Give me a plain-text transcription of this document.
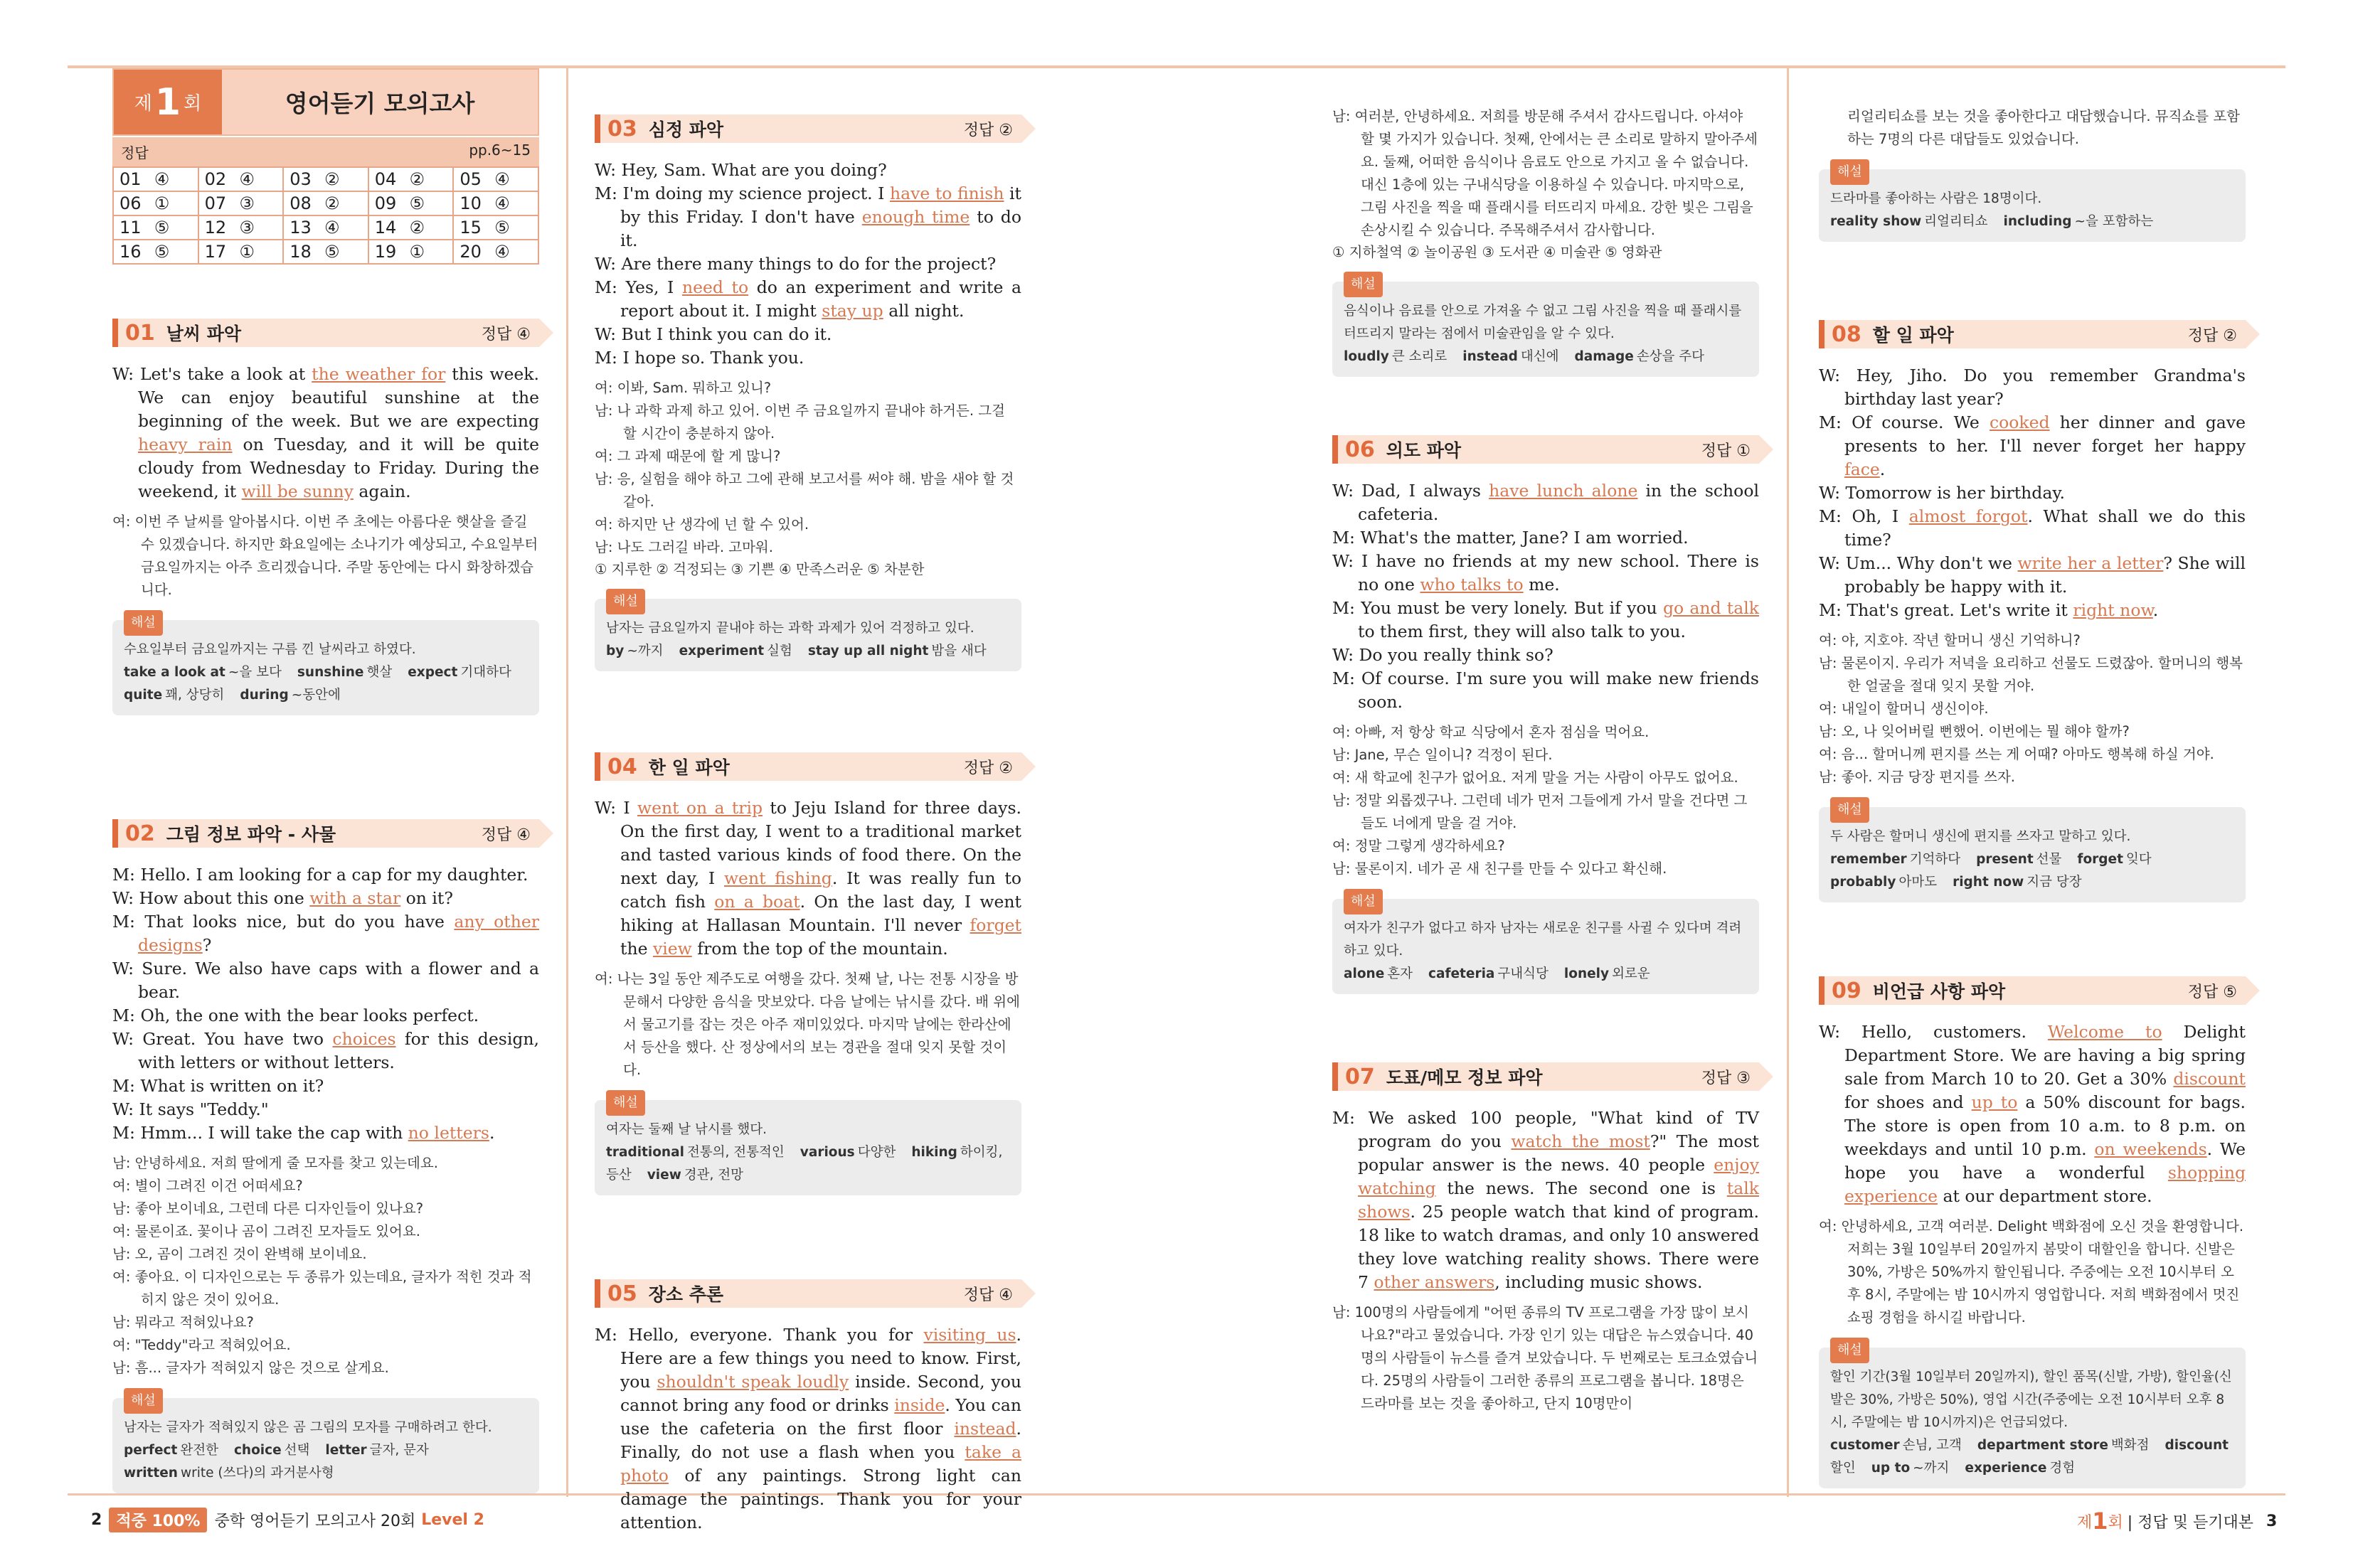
제 1 회	영어듣기 모의고사
정답	pp.6~15
01 ④	02 ④	03 ②	04 ②	05 ④
06 ①	07 ③	08 ②	09 ⑤	10 ④
11 ⑤	12 ③	13 ④	14 ②	15 ⑤
16 ⑤	17 ①	18 ⑤	19 ①	20 ④
01 날씨 파악	정답 ④

W: Let's take a look at the weather for this week. We can enjoy beautiful sunshine at the beginning of the week. But we are expecting heavy rain on Tuesday, and it will be quite cloudy from Wednesday to Friday. During the weekend, it will be sunny again.

여: 이번 주 날씨를 알아봅시다. 이번 주 초에는 아름다운 햇살을 즐길 수 있겠습니다. 하지만 화요일에는 소나기가 예상되고, 수요일부터 금요일까지는 아주 흐리겠습니다. 주말 동안에는 다시 화창하겠습니다.

해설
수요일부터 금요일까지는 구름 낀 날씨라고 하였다.
take a look at ~을 보다 sunshine 햇살 expect 기대하다quite 꽤, 상당히 during ~동안에
02 그림 정보 파악 - 사물	정답 ④

M: Hello. I am looking for a cap for my daughter.

W: How about this one with a star on it?

M: That looks nice, but do you have any other designs?

W: Sure. We also have caps with a flower and a bear.

M: Oh, the one with the bear looks perfect.

W: Great. You have two choices for this design, with letters or without letters.

M: What is written on it?

W: It says "Teddy."

M: Hmm... I will take the cap with no letters.

남: 안녕하세요. 저희 딸에게 줄 모자를 찾고 있는데요.

여: 별이 그려진 이건 어떠세요?

남: 좋아 보이네요, 그런데 다른 디자인들이 있나요?

여: 물론이죠. 꽃이나 곰이 그려진 모자들도 있어요.

남: 오, 곰이 그려진 것이 완벽해 보이네요.

여: 좋아요. 이 디자인으로는 두 종류가 있는데요, 글자가 적힌 것과 적히지 않은 것이 있어요.

남: 뭐라고 적혀있나요?

여: "Teddy"라고 적혀있어요.

남: 흠... 글자가 적혀있지 않은 것으로 살게요.

해설
남자는 글자가 적혀있지 않은 곰 그림의 모자를 구매하려고 한다.
perfect 완전한 choice 선택 letter 글자, 문자written write (쓰다)의 과거분사형
03 심정 파악	정답 ②

W: Hey, Sam. What are you doing?

M: I'm doing my science project. I have to finish it by this Friday. I don't have enough time to do it.

W: Are there many things to do for the project?

M: Yes, I need to do an experiment and write a report about it. I might stay up all night.

W: But I think you can do it.

M: I hope so. Thank you.

여: 이봐, Sam. 뭐하고 있니?

남: 나 과학 과제 하고 있어. 이번 주 금요일까지 끝내야 하거든. 그걸 할 시간이 충분하지 않아.

여: 그 과제 때문에 할 게 많니?

남: 응, 실험을 해야 하고 그에 관해 보고서를 써야 해. 밤을 새야 할 것 같아.

여: 하지만 난 생각에 넌 할 수 있어.

남: 나도 그러길 바라. 고마워.

① 지루한 ② 걱정되는 ③ 기쁜 ④ 만족스러운 ⑤ 차분한
해설
남자는 금요일까지 끝내야 하는 과학 과제가 있어 걱정하고 있다.
by ~까지 experiment 실험 stay up all night 밤을 새다
04 한 일 파악	정답 ②

W: I went on a trip to Jeju Island for three days. On the first day, I went to a traditional market and tasted various kinds of food there. On the next day, I went fishing. It was really fun to catch fish on a boat. On the last day, I went hiking at Hallasan Mountain. I'll never forget the view from the top of the mountain.

여: 나는 3일 동안 제주도로 여행을 갔다. 첫째 날, 나는 전통 시장을 방문해서 다양한 음식을 맛보았다. 다음 날에는 낚시를 갔다. 배 위에서 물고기를 잡는 것은 아주 재미있었다. 마지막 날에는 한라산에서 등산을 했다. 산 정상에서의 보는 경관을 절대 잊지 못할 것이다.

해설
여자는 둘째 날 낚시를 했다.
traditional 전통의, 전통적인 various 다양한 hiking 하이킹, 등산 view 경관, 전망
05 장소 추론	정답 ④

M: Hello, everyone. Thank you for visiting us. Here are a few things you need to know. First, you shouldn't speak loudly inside. Second, you cannot bring any food or drinks inside. You can use the cafeteria on the first floor instead. Finally, do not use a flash when you take a photo of any paintings. Strong light can damage the paintings. Thank you for your attention.

남: 여러분, 안녕하세요. 저희를 방문해 주셔서 감사드립니다. 아셔야 할 몇 가지가 있습니다. 첫째, 안에서는 큰 소리로 말하지 말아주세요. 둘째, 어떠한 음식이나 음료도 안으로 가지고 올 수 없습니다. 대신 1층에 있는 구내식당을 이용하실 수 있습니다. 마지막으로, 그림 사진을 찍을 때 플래시를 터뜨리지 마세요. 강한 빛은 그림을 손상시킬 수 있습니다. 주목해주셔서 감사합니다.

① 지하철역 ② 놀이공원 ③ 도서관 ④ 미술관 ⑤ 영화관
해설
음식이나 음료를 안으로 가져올 수 없고 그림 사진을 찍을 때 플래시를 터뜨리지 말라는 점에서 미술관임을 알 수 있다.
loudly 큰 소리로 instead 대신에 damage 손상을 주다
06 의도 파악	정답 ①

W: Dad, I always have lunch alone in the school cafeteria.

M: What's the matter, Jane? I am worried.

W: I have no friends at my new school. There is no one who talks to me.

M: You must be very lonely. But if you go and talk to them first, they will also talk to you.

W: Do you really think so?

M: Of course. I'm sure you will make new friends soon.

여: 아빠, 저 항상 학교 식당에서 혼자 점심을 먹어요.

남: Jane, 무슨 일이니? 걱정이 된다.

여: 새 학교에 친구가 없어요. 저게 말을 거는 사람이 아무도 없어요.

남: 정말 외롭겠구나. 그런데 네가 먼저 그들에게 가서 말을 건다면 그들도 너에게 말을 걸 거야.

여: 정말 그렇게 생각하세요?

남: 물론이지. 네가 곧 새 친구를 만들 수 있다고 확신해.

해설
여자가 친구가 없다고 하자 남자는 새로운 친구를 사귈 수 있다며 격려하고 있다.
alone 혼자 cafeteria 구내식당 lonely 외로운
07 도표/메모 정보 파악	정답 ③

M: We asked 100 people, "What kind of TV program do you watch the most?" The most popular answer is the news. 40 people enjoy watching the news. The second one is talk shows. 25 people watch that kind of program. 18 like to watch dramas, and only 10 answered they love watching reality shows. There were 7 other answers, including music shows.

남: 100명의 사람들에게 "어떤 종류의 TV 프로그램을 가장 많이 보시나요?"라고 물었습니다. 가장 인기 있는 대답은 뉴스였습니다. 40명의 사람들이 뉴스를 즐겨 보았습니다. 두 번째로는 토크쇼였습니다. 25명의 사람들이 그러한 종류의 프로그램을 봅니다. 18명은 드라마를 보는 것을 좋아하고, 단지 10명만이

리얼리티쇼를 보는 것을 좋아한다고 대답했습니다. 뮤직쇼를 포함하는 7명의 다른 대답들도 있었습니다.

해설
드라마를 좋아하는 사람은 18명이다.
reality show 리얼리티쇼 including ~을 포함하는
08 할 일 파악	정답 ②

W: Hey, Jiho. Do you remember Grandma's birthday last year?

M: Of course. We cooked her dinner and gave presents to her. I'll never forget her happy face.

W: Tomorrow is her birthday.

M: Oh, I almost forgot. What shall we do this time?

W: Um... Why don't we write her a letter? She will probably be happy with it.

M: That's great. Let's write it right now.

여: 야, 지호야. 작년 할머니 생신 기억하니?

남: 물론이지. 우리가 저녁을 요리하고 선물도 드렸잖아. 할머니의 행복한 얼굴을 절대 잊지 못할 거야.

여: 내일이 할머니 생신이야.

남: 오, 나 잊어버릴 뻔했어. 이번에는 뭘 해야 할까?

여: 음... 할머니께 편지를 쓰는 게 어때? 아마도 행복해 하실 거야.

남: 좋아. 지금 당장 편지를 쓰자.

해설
두 사람은 할머니 생신에 편지를 쓰자고 말하고 있다.
remember 기억하다 present 선물 forget 잊다probably 아마도 right now 지금 당장
09 비언급 사항 파악	정답 ⑤

W: Hello, customers. Welcome to Delight Department Store. We are having a big spring sale from March 10 to 20. Get a 30% discount for shoes and up to a 50% discount for bags. The store is open from 10 a.m. to 8 p.m. on weekdays and until 10 p.m. on weekends. We hope you have a wonderful shopping experience at our department store.

여: 안녕하세요, 고객 여러분. Delight 백화점에 오신 것을 환영합니다. 저희는 3월 10일부터 20일까지 봄맞이 대할인을 합니다. 신발은 30%, 가방은 50%까지 할인됩니다. 주중에는 오전 10시부터 오후 8시, 주말에는 밤 10시까지 영업합니다. 저희 백화점에서 멋진 쇼핑 경험을 하시길 바랍니다.

해설
할인 기간(3월 10일부터 20일까지), 할인 품목(신발, 가방), 할인율(신발은 30%, 가방은 50%), 영업 시간(주중에는 오전 10시부터 오후 8시, 주말에는 밤 10시까지)은 언급되었다.
customer 손님, 고객 department store 백화점 discount할인 up to ~까지 experience 경험
2 적중 100% 중학 영어듣기 모의고사 20회 Level 2	제 1 회 | 정답 및 듣기대본 3
